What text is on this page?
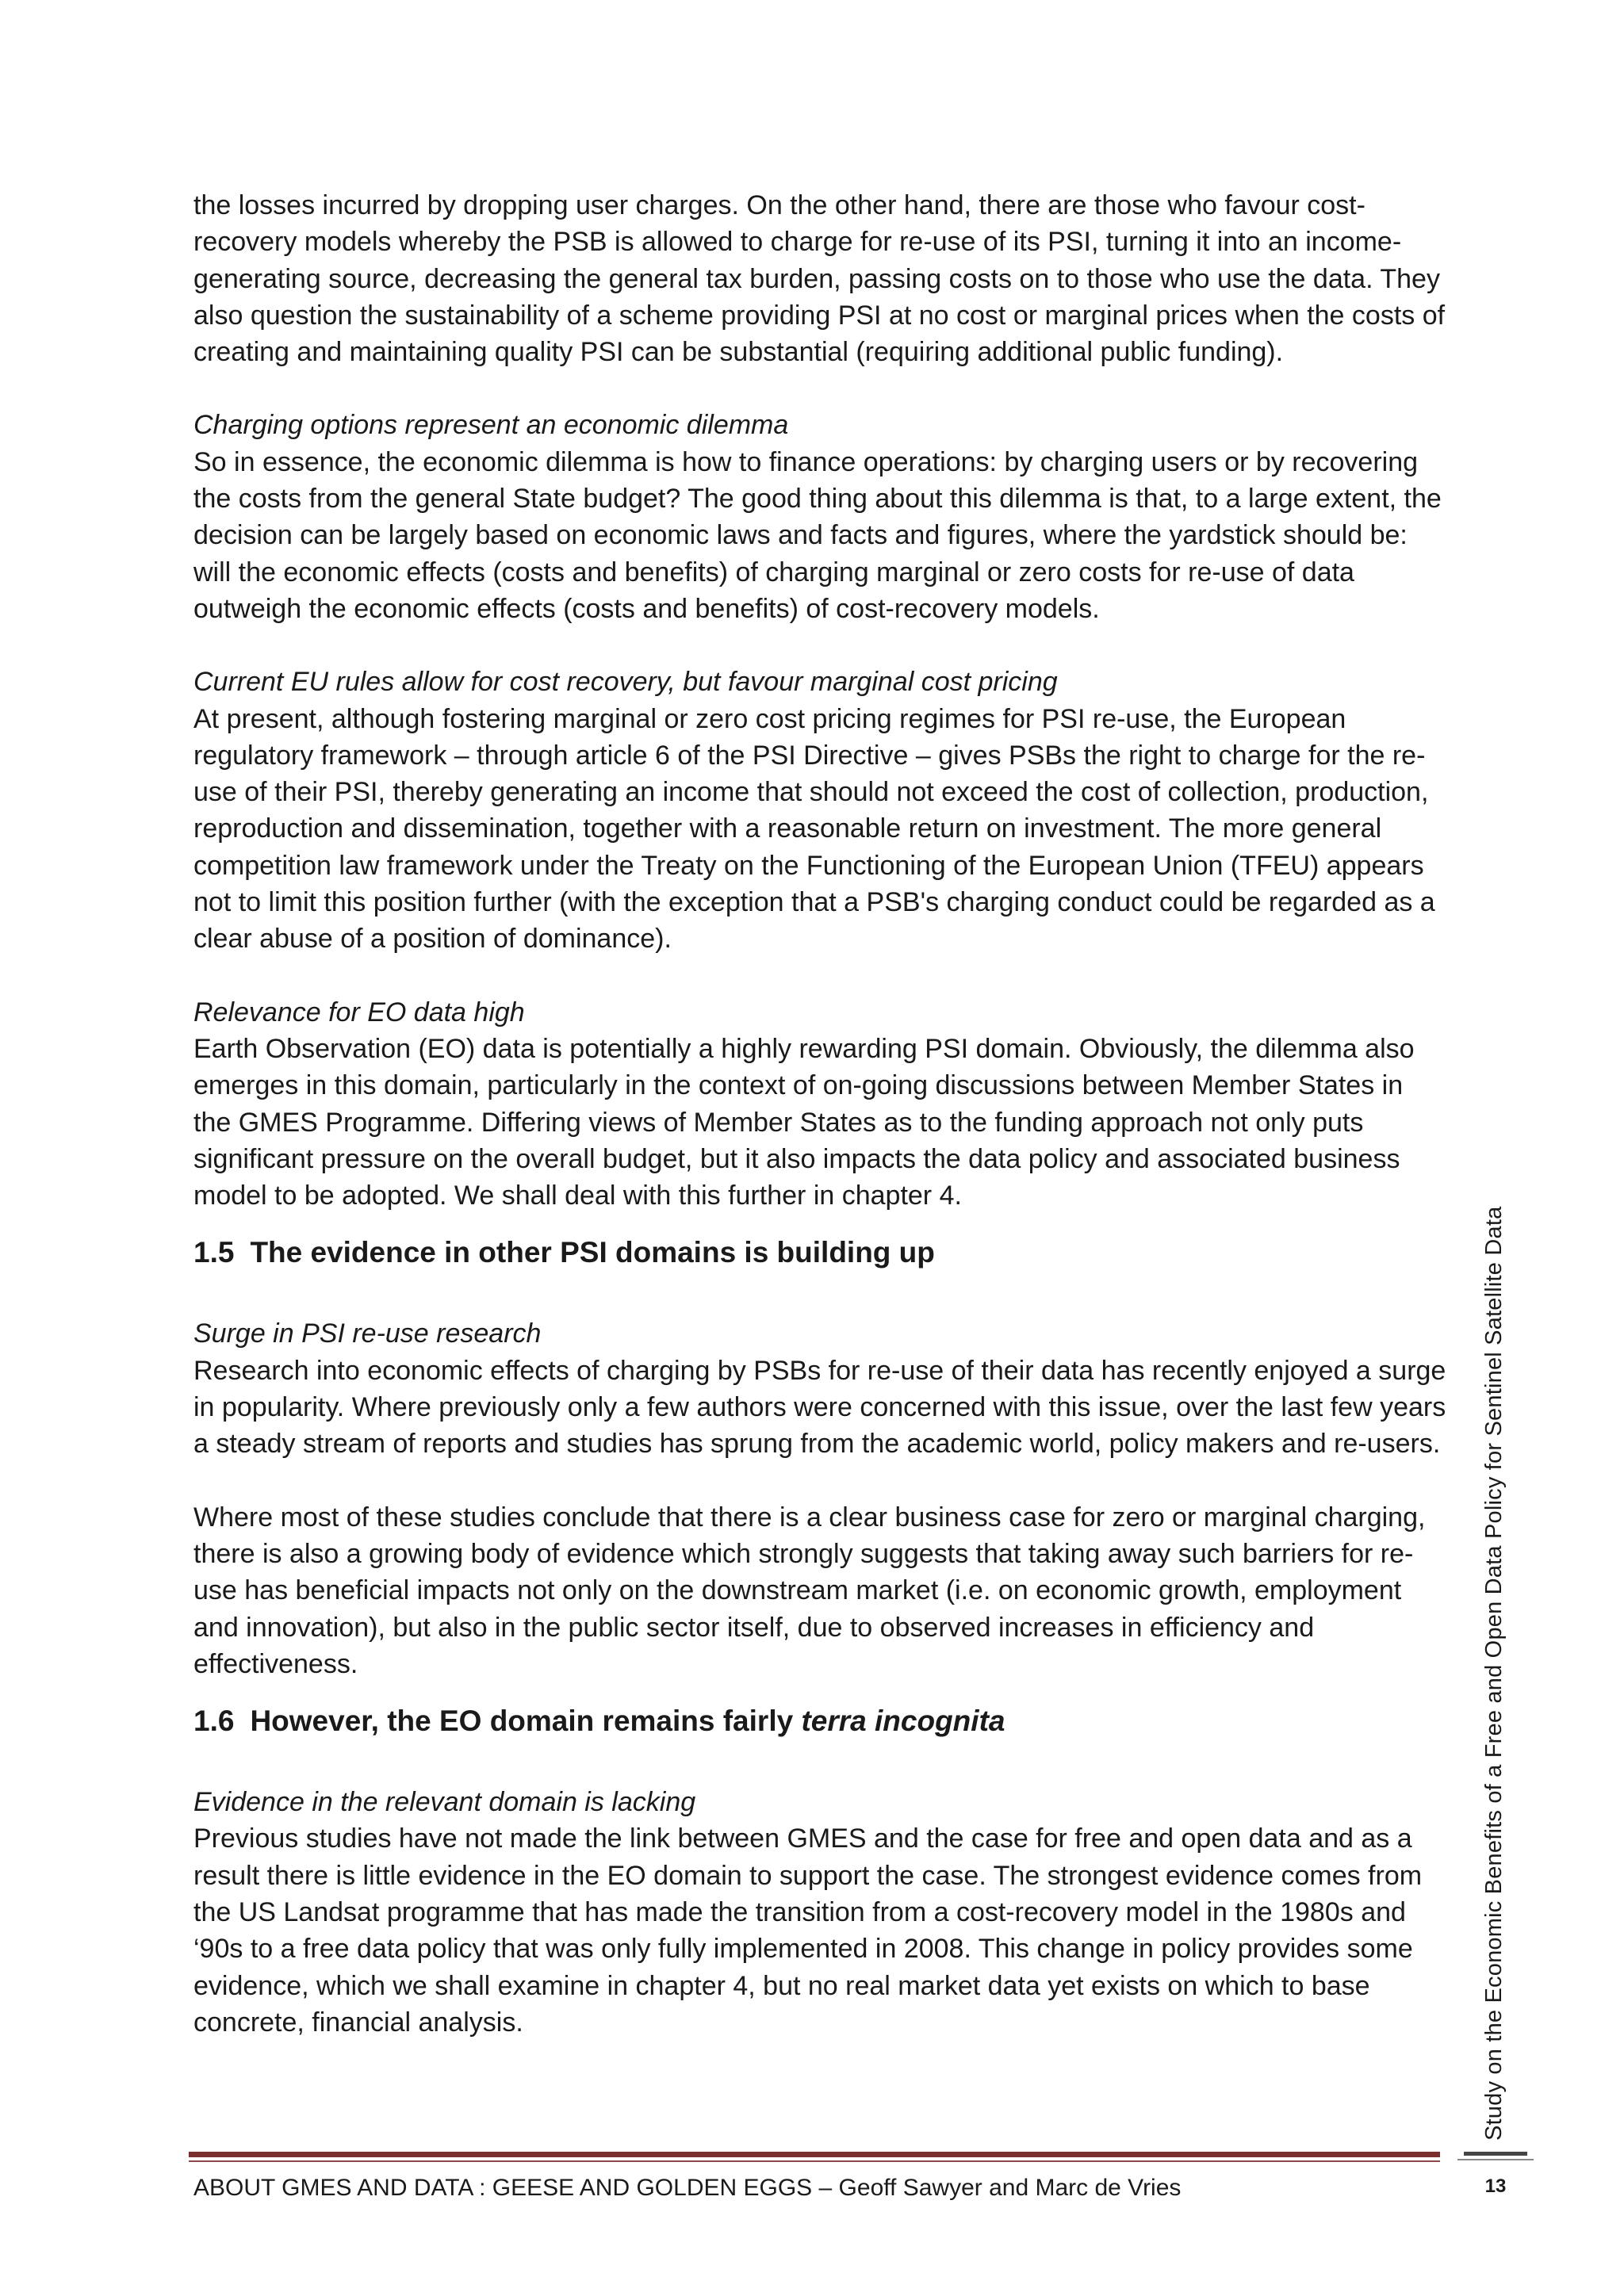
the losses incurred by dropping user charges. On the other hand, there are those who favour cost-recovery models whereby the PSB is allowed to charge for re-use of its PSI, turning it into an income-generating source, decreasing the general tax burden, passing costs on to those who use the data. They also question the sustainability of a scheme providing PSI at no cost or marginal prices when the costs of creating and maintaining quality PSI can be substantial (requiring additional public funding).

Charging options represent an economic dilemma

So in essence, the economic dilemma is how to finance operations: by charging users or by recovering the costs from the general State budget? The good thing about this dilemma is that, to a large extent, the decision can be largely based on economic laws and facts and figures, where the yardstick should be: will the economic effects (costs and benefits) of charging marginal or zero costs for re-use of data outweigh the economic effects (costs and benefits) of cost-recovery models.

Current EU rules allow for cost recovery, but favour marginal cost pricing

At present, although fostering marginal or zero cost pricing regimes for PSI re-use, the European regulatory framework – through article 6 of the PSI Directive – gives PSBs the right to charge for the re-use of their PSI, thereby generating an income that should not exceed the cost of collection, production, reproduction and dissemination, together with a reasonable return on investment. The more general competition law framework under the Treaty on the Functioning of the European Union (TFEU) appears not to limit this position further (with the exception that a PSB's charging conduct could be regarded as a clear abuse of a position of dominance).

Relevance for EO data high

Earth Observation (EO) data is potentially a highly rewarding PSI domain. Obviously, the dilemma also emerges in this domain, particularly in the context of on-going discussions between Member States in the GMES Programme. Differing views of Member States as to the funding approach not only puts significant pressure on the overall budget, but it also impacts the data policy and associated business model to be adopted. We shall deal with this further in chapter 4.

1.5 The evidence in other PSI domains is building up

Surge in PSI re-use research

Research into economic effects of charging by PSBs for re-use of their data has recently enjoyed a surge in popularity. Where previously only a few authors were concerned with this issue, over the last few years a steady stream of reports and studies has sprung from the academic world, policy makers and re-users.

Where most of these studies conclude that there is a clear business case for zero or marginal charging, there is also a growing body of evidence which strongly suggests that taking away such barriers for re-use has beneficial impacts not only on the downstream market (i.e. on economic growth, employment and innovation), but also in the public sector itself, due to observed increases in efficiency and effectiveness.

1.6 However, the EO domain remains fairly terra incognita

Evidence in the relevant domain is lacking

Previous studies have not made the link between GMES and the case for free and open data and as a result there is little evidence in the EO domain to support the case. The strongest evidence comes from the US Landsat programme that has made the transition from a cost-recovery model in the 1980s and ‘90s to a free data policy that was only fully implemented in 2008. This change in policy provides some evidence, which we shall examine in chapter 4, but no real market data yet exists on which to base concrete, financial analysis.	Study on the Economic Benefits of a Free and Open Data Policy for Sentinel Satellite Data
ABOUT GMES AND DATA : GEESE AND GOLDEN EGGS – Geoff Sawyer and Marc de Vries	13
